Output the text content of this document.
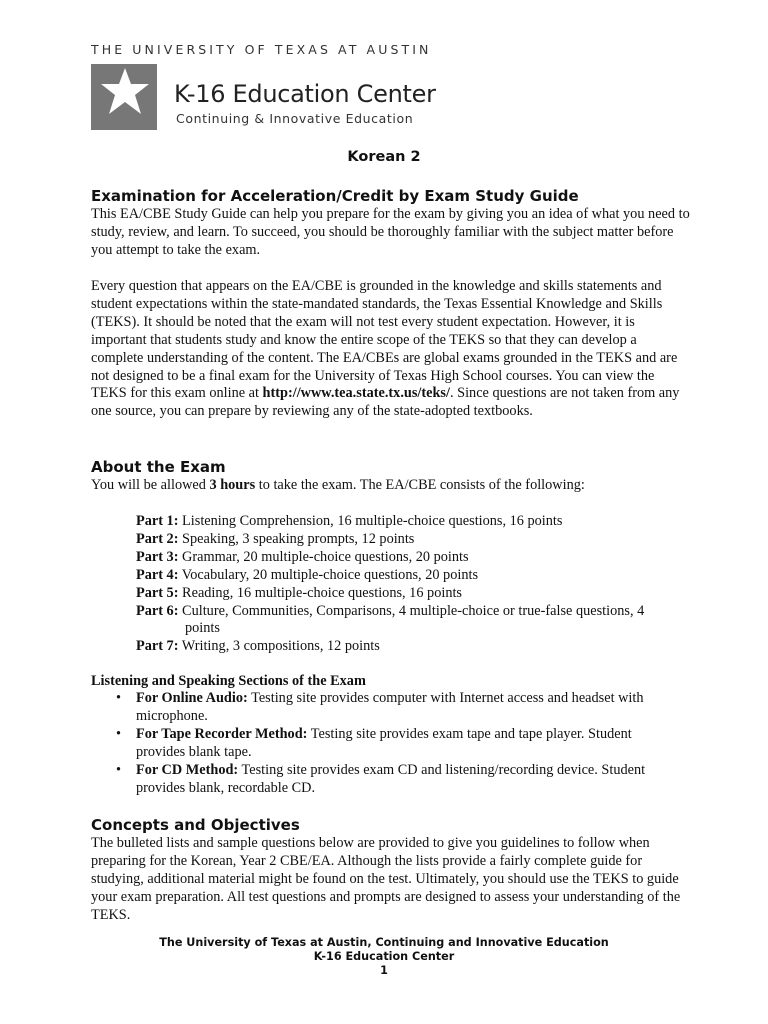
THE UNIVERSITY OF TEXAS AT AUSTIN
K-16 Education Center
Continuing & Innovative Education
Korean 2
Examination for Acceleration/Credit by Exam Study Guide
This EA/CBE Study Guide can help you prepare for the exam by giving you an idea of what you need to study, review, and learn. To succeed, you should be thoroughly familiar with the subject matter before you attempt to take the exam.
Every question that appears on the EA/CBE is grounded in the knowledge and skills statements and student expectations within the state-mandated standards, the Texas Essential Knowledge and Skills (TEKS). It should be noted that the exam will not test every student expectation. However, it is important that students study and know the entire scope of the TEKS so that they can develop a complete understanding of the content. The EA/CBEs are global exams grounded in the TEKS and are not designed to be a final exam for the University of Texas High School courses. You can view the TEKS for this exam online at http://www.tea.state.tx.us/teks/. Since questions are not taken from any one source, you can prepare by reviewing any of the state-adopted textbooks.
About the Exam
You will be allowed 3 hours to take the exam. The EA/CBE consists of the following:
Part 1: Listening Comprehension, 16 multiple-choice questions, 16 points
Part 2: Speaking, 3 speaking prompts, 12 points
Part 3: Grammar, 20 multiple-choice questions, 20 points
Part 4: Vocabulary, 20 multiple-choice questions, 20 points
Part 5: Reading, 16 multiple-choice questions, 16 points
Part 6: Culture, Communities, Comparisons, 4 multiple-choice or true-false questions, 4
points
Part 7: Writing, 3 compositions, 12 points
Listening and Speaking Sections of the Exam
• For Online Audio: Testing site provides computer with Internet access and headset with microphone.
• For Tape Recorder Method: Testing site provides exam tape and tape player. Student provides blank tape.
• For CD Method: Testing site provides exam CD and listening/recording device. Student provides blank, recordable CD.
Concepts and Objectives
The bulleted lists and sample questions below are provided to give you guidelines to follow when preparing for the Korean, Year 2 CBE/EA. Although the lists provide a fairly complete guide for studying, additional material might be found on the test. Ultimately, you should use the TEKS to guide your exam preparation. All test questions and prompts are designed to assess your understanding of the TEKS.
The University of Texas at Austin, Continuing and Innovative Education
K-16 Education Center
1
